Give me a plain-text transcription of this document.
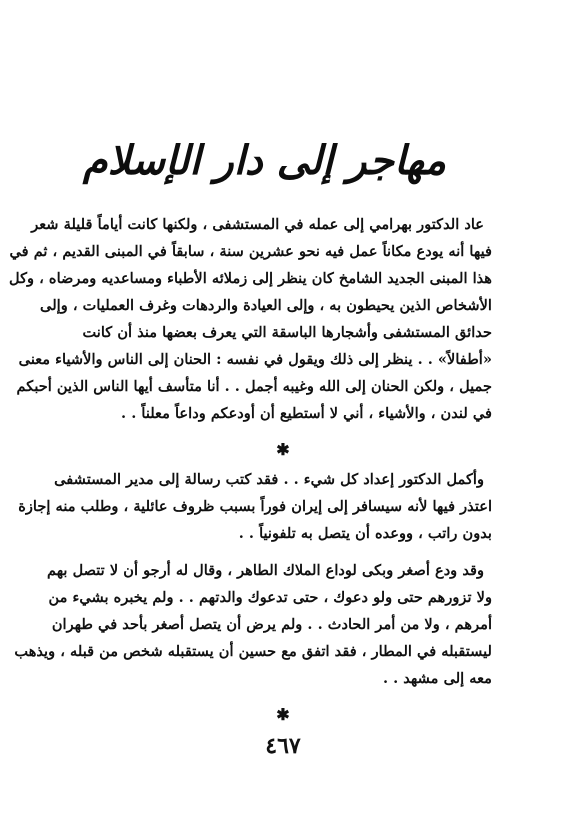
مهاجر إلى دار الإسلام
عاد الدكتور بهرامي إلى عمله في المستشفى ، ولكنها كانت أياماً قليلة شعر
فيها أنه يودع مكاناً عمل فيه نحو عشرين سنة ، سابقاً في المبنى القديم ، ثم في
هذا المبنى الجديد الشامخ كان ينظر إلى زملائه الأطباء ومساعديه ومرضاه ، وكل
الأشخاص الذين يحيطون به ، وإلى العيادة والردهات وغرف العمليات ، وإلى
حدائق المستشفى وأشجارها الباسقة التي يعرف بعضها منذ أن كانت
«أطفالاً» . . ينظر إلى ذلك ويقول في نفسه : الحنان إلى الناس والأشياء معنى
جميل ، ولكن الحنان إلى الله وغيبه أجمل . . أنا متأسف أيها الناس الذين أحبكم
في لندن ، والأشياء ، أني لا أستطيع أن أودعكم وداعاً معلناً . .
✱
وأكمل الدكتور إعداد كل شيء . . فقد كتب رسالة إلى مدير المستشفى
اعتذر فيها لأنه سيسافر إلى إيران فوراً بسبب ظروف عائلية ، وطلب منه إجازة
بدون راتب ، ووعده أن يتصل به تلفونياً . .
وقد ودع أصغر وبكى لوداع الملاك الطاهر ، وقال له أرجو أن لا تتصل بهم
ولا تزورهم حتى ولو دعوك ، حتى تدعوك والدتهم . . ولم يخبره بشيء من
أمرهم ، ولا من أمر الحادث . . ولم يرض أن يتصل أصغر بأحد في طهران
ليستقبله في المطار ، فقد اتفق مع حسين أن يستقبله شخص من قبله ، ويذهب
معه إلى مشهد . .
✱
٤٦٧
